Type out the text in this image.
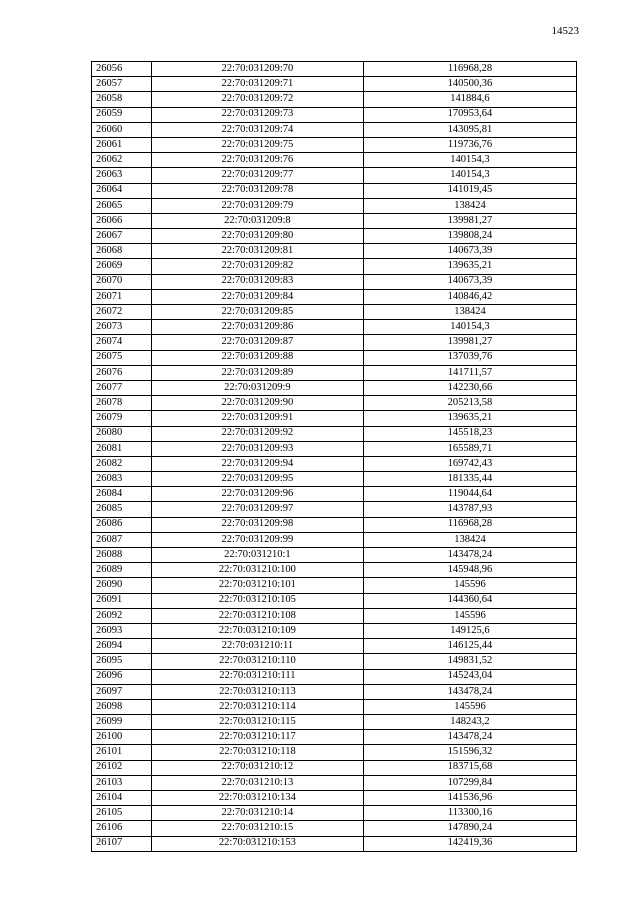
14523
26056	22:70:031209:70	116968,28
26057	22:70:031209:71	140500,36
26058	22:70:031209:72	141884,6
26059	22:70:031209:73	170953,64
26060	22:70:031209:74	143095,81
26061	22:70:031209:75	119736,76
26062	22:70:031209:76	140154,3
26063	22:70:031209:77	140154,3
26064	22:70:031209:78	141019,45
26065	22:70:031209:79	138424
26066	22:70:031209:8	139981,27
26067	22:70:031209:80	139808,24
26068	22:70:031209:81	140673,39
26069	22:70:031209:82	139635,21
26070	22:70:031209:83	140673,39
26071	22:70:031209:84	140846,42
26072	22:70:031209:85	138424
26073	22:70:031209:86	140154,3
26074	22:70:031209:87	139981,27
26075	22:70:031209:88	137039,76
26076	22:70:031209:89	141711,57
26077	22:70:031209:9	142230,66
26078	22:70:031209:90	205213,58
26079	22:70:031209:91	139635,21
26080	22:70:031209:92	145518,23
26081	22:70:031209:93	165589,71
26082	22:70:031209:94	169742,43
26083	22:70:031209:95	181335,44
26084	22:70:031209:96	119044,64
26085	22:70:031209:97	143787,93
26086	22:70:031209:98	116968,28
26087	22:70:031209:99	138424
26088	22:70:031210:1	143478,24
26089	22:70:031210:100	145948,96
26090	22:70:031210:101	145596
26091	22:70:031210:105	144360,64
26092	22:70:031210:108	145596
26093	22:70:031210:109	149125,6
26094	22:70:031210:11	146125,44
26095	22:70:031210:110	149831,52
26096	22:70:031210:111	145243,04
26097	22:70:031210:113	143478,24
26098	22:70:031210:114	145596
26099	22:70:031210:115	148243,2
26100	22:70:031210:117	143478,24
26101	22:70:031210:118	151596,32
26102	22:70:031210:12	183715,68
26103	22:70:031210:13	107299,84
26104	22:70:031210:134	141536,96
26105	22:70:031210:14	113300,16
26106	22:70:031210:15	147890,24
26107	22:70:031210:153	142419,36
